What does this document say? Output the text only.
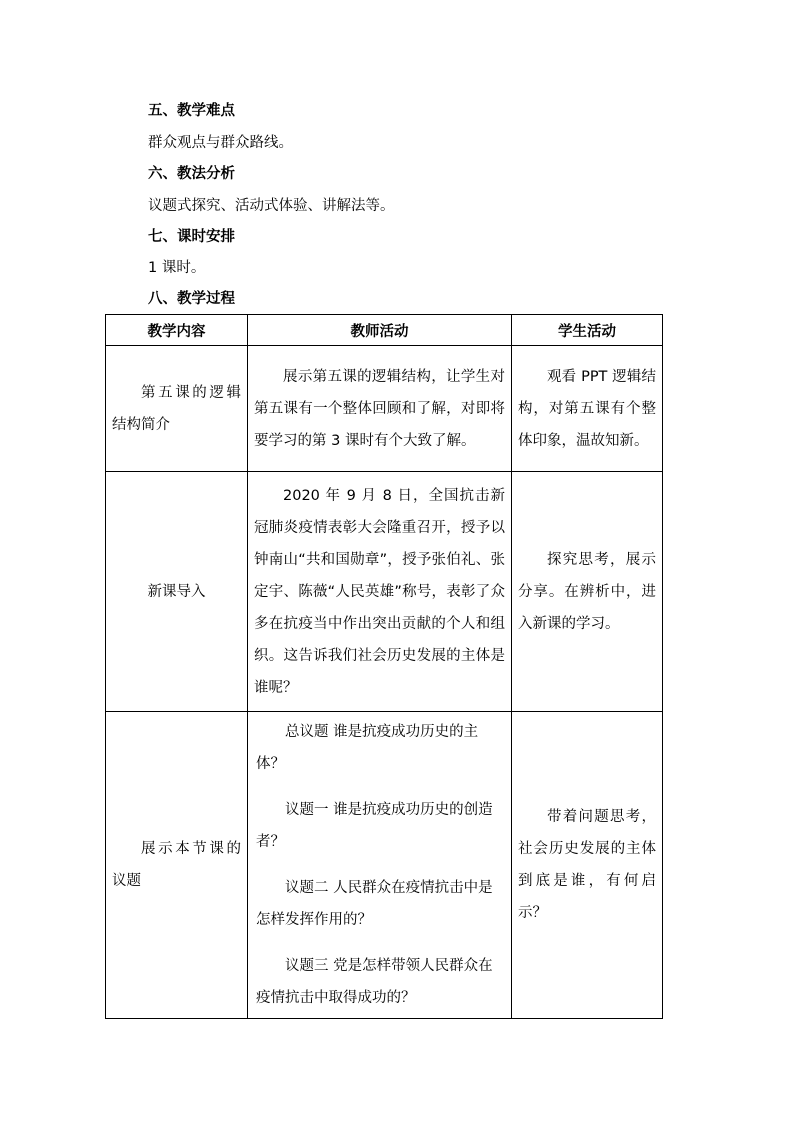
五、教学难点
群众观点与群众路线。
六、教法分析
议题式探究、活动式体验、讲解法等。
七、课时安排
1 课时。
八、教学过程
教学内容	教师活动	学生活动

第五课的逻辑结构简介	展示第五课的逻辑结构，让学生对第五课有一个整体回顾和了解，对即将要学习的第 3 课时有个大致了解。	观看 PPT 逻辑结构，对第五课有个整体印象，温故知新。

新课导入	2020 年 9 月 8 日，全国抗击新冠肺炎疫情表彰大会隆重召开，授予以钟南山“共和国勋章”，授予张伯礼、张定宇、陈薇“人民英雄”称号，表彰了众多在抗疫当中作出突出贡献的个人和组织。这告诉我们社会历史发展的主体是谁呢？	探究思考，展示分享。在辨析中，进入新课的学习。

展示本节课的议题	总议题 谁是抗疫成功历史的主体？

议题一 谁是抗疫成功历史的创造者？

议题二 人民群众在疫情抗击中是怎样发挥作用的？

议题三 党是怎样带领人民群众在疫情抗击中取得成功的？	带着问题思考，社会历史发展的主体到底是谁，有何启示？
